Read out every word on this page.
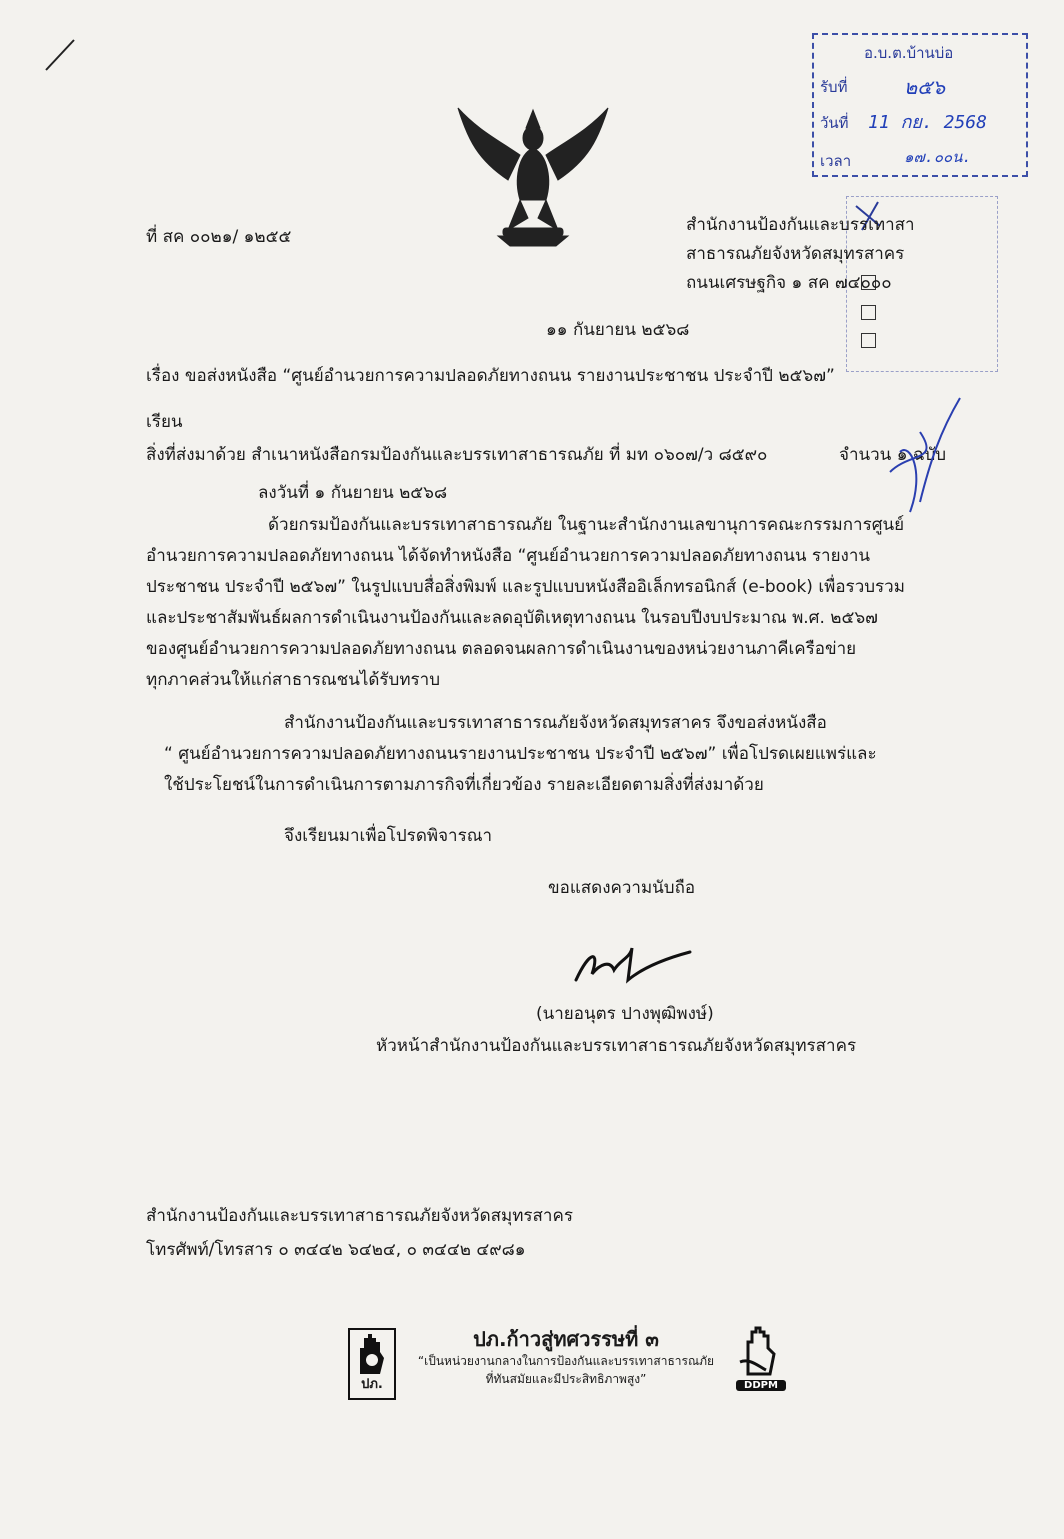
อ.บ.ต.บ้านบ่อ
รับที่	๒๕๖
วันที่ 11 กย. 2568
เวลา	๑๗.๐๐น.
ที่ สค ๐๐๒๑/ ๑๒๕๕
สำนักงานป้องกันและบรรเทาสา
สาธารณภัยจังหวัดสมุทรสาคร
ถนนเศรษฐกิจ ๑ สค ๗๔๐๐๐
๑๑ กันยายน ๒๕๖๘
เรื่อง ขอส่งหนังสือ “ศูนย์อำนวยการความปลอดภัยทางถนน รายงานประชาชน ประจำปี ๒๕๖๗”
เรียน
สิ่งที่ส่งมาด้วย สำเนาหนังสือกรมป้องกันและบรรเทาสาธารณภัย ที่ มท ๐๖๐๗/ว ๘๕๙๐	จำนวน ๑ ฉบับ
ลงวันที่ ๑ กันยายน ๒๕๖๘
ด้วยกรมป้องกันและบรรเทาสาธารณภัย ในฐานะสำนักงานเลขานุการคณะกรรมการศูนย์
อำนวยการความปลอดภัยทางถนน ได้จัดทำหนังสือ “ศูนย์อำนวยการความปลอดภัยทางถนน รายงาน
ประชาชน ประจำปี ๒๕๖๗” ในรูปแบบสื่อสิ่งพิมพ์ และรูปแบบหนังสืออิเล็กทรอนิกส์ (e-book) เพื่อรวบรวม
และประชาสัมพันธ์ผลการดำเนินงานป้องกันและลดอุบัติเหตุทางถนน ในรอบปีงบประมาณ พ.ศ. ๒๕๖๗
ของศูนย์อำนวยการความปลอดภัยทางถนน ตลอดจนผลการดำเนินงานของหน่วยงานภาคีเครือข่าย
ทุกภาคส่วนให้แก่สาธารณชนได้รับทราบ
สำนักงานป้องกันและบรรเทาสาธารณภัยจังหวัดสมุทรสาคร จึงขอส่งหนังสือ
“ ศูนย์อำนวยการความปลอดภัยทางถนนรายงานประชาชน ประจำปี ๒๕๖๗” เพื่อโปรดเผยแพร่และ
ใช้ประโยชน์ในการดำเนินการตามภารกิจที่เกี่ยวข้อง รายละเอียดตามสิ่งที่ส่งมาด้วย
จึงเรียนมาเพื่อโปรดพิจารณา
ขอแสดงความนับถือ
(นายอนุตร ปางพุฒิพงษ์)
หัวหน้าสำนักงานป้องกันและบรรเทาสาธารณภัยจังหวัดสมุทรสาคร
สำนักงานป้องกันและบรรเทาสาธารณภัยจังหวัดสมุทรสาคร
โทรศัพท์/โทรสาร ๐ ๓๔๔๒ ๖๔๒๔, ๐ ๓๔๔๒ ๔๙๘๑
ปภ.
ปภ.ก้าวสู่ทศวรรษที่ ๓
“เป็นหน่วยงานกลางในการป้องกันและบรรเทาสาธารณภัย
ที่ทันสมัยและมีประสิทธิภาพสูง”	DDPM
